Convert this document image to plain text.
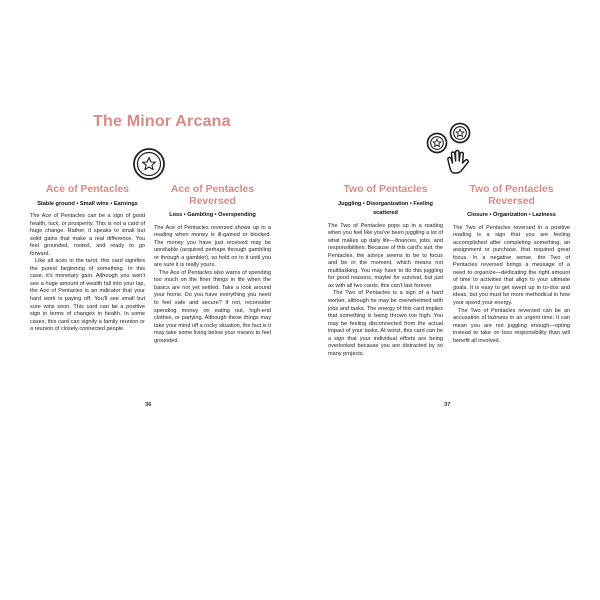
The Minor Arcana
Ace of Pentacles
Stable ground • Small wins • Earnings

The Ace of Pentacles can be a sign of good health, luck, or prosperity. This is not a card of huge change. Rather, it speaks to small but solid gains that make a real difference. You feel grounded, rooted, and ready to go forward.

Like all aces in the tarot, this card signifies the purest beginning of something. In this case, it's monetary gain. Although you won't see a huge amount of wealth fall into your lap, the Ace of Pentacles is an indicator that your hard work is paying off. You'll see small but sure wins soon. This card can be a positive sign in terms of changes in health. In some cases, this card can signify a family reunion or a reunion of closely connected people.

Ace of Pentacles Reversed
Loss • Gambling • Overspending

The Ace of Pentacles reversed shows up in a reading when money is ill-gained or blocked. The money you have just received may be unreliable (acquired perhaps through gambling or through a gambler), so hold on to it until you are sure it is really yours.

The Ace of Pentacles also warns of spending too much on the finer things in life when the basics are not yet settled. Take a look around your home. Do you have everything you need to feel safe and secure? If not, reconsider spending money on eating out, high-end clothes, or partying. Although these things may take your mind off a rocky situation, the fact is it may take some living below your means to feel grounded.

36
Two of Pentacles
Juggling • Disorganization • Feeling scattered

The Two of Pentacles pops up in a reading when you feel like you've been juggling a lot of what makes up daily life—finances, jobs, and responsibilities. Because of this card's suit, the Pentacles, the advice seems to be to focus and be in the moment, which means not multitasking. You may have to do this juggling for good reasons, maybe for survival, but just as with all two cards, this can't last forever.

The Two of Pentacles is a sign of a hard worker, although he may be overwhelmed with jobs and tasks. The energy of this card implies that something is being thrown too high. You may be feeling disconnected from the actual impact of your tasks. At worst, this card can be a sign that your individual efforts are being overlooked because you are distracted by so many projects.

Two of Pentacles Reversed
Closure • Organization • Laziness

The Two of Pentacles reversed in a positive reading is a sign that you are feeling accomplished after completing something, an assignment or purchase, that required great focus. In a negative sense, the Two of Pentacles reversed brings a message of a need to organize—dedicating the right amount of time to activities that align to your ultimate goals. It is easy to get swept up in to-dos and ideas, but you must be more methodical in how your spend your energy.

The Two of Pentacles reversed can be an accusation of laziness in an urgent time. It can mean you are not juggling enough—opting instead to take on less responsibility than will benefit all involved.

37
